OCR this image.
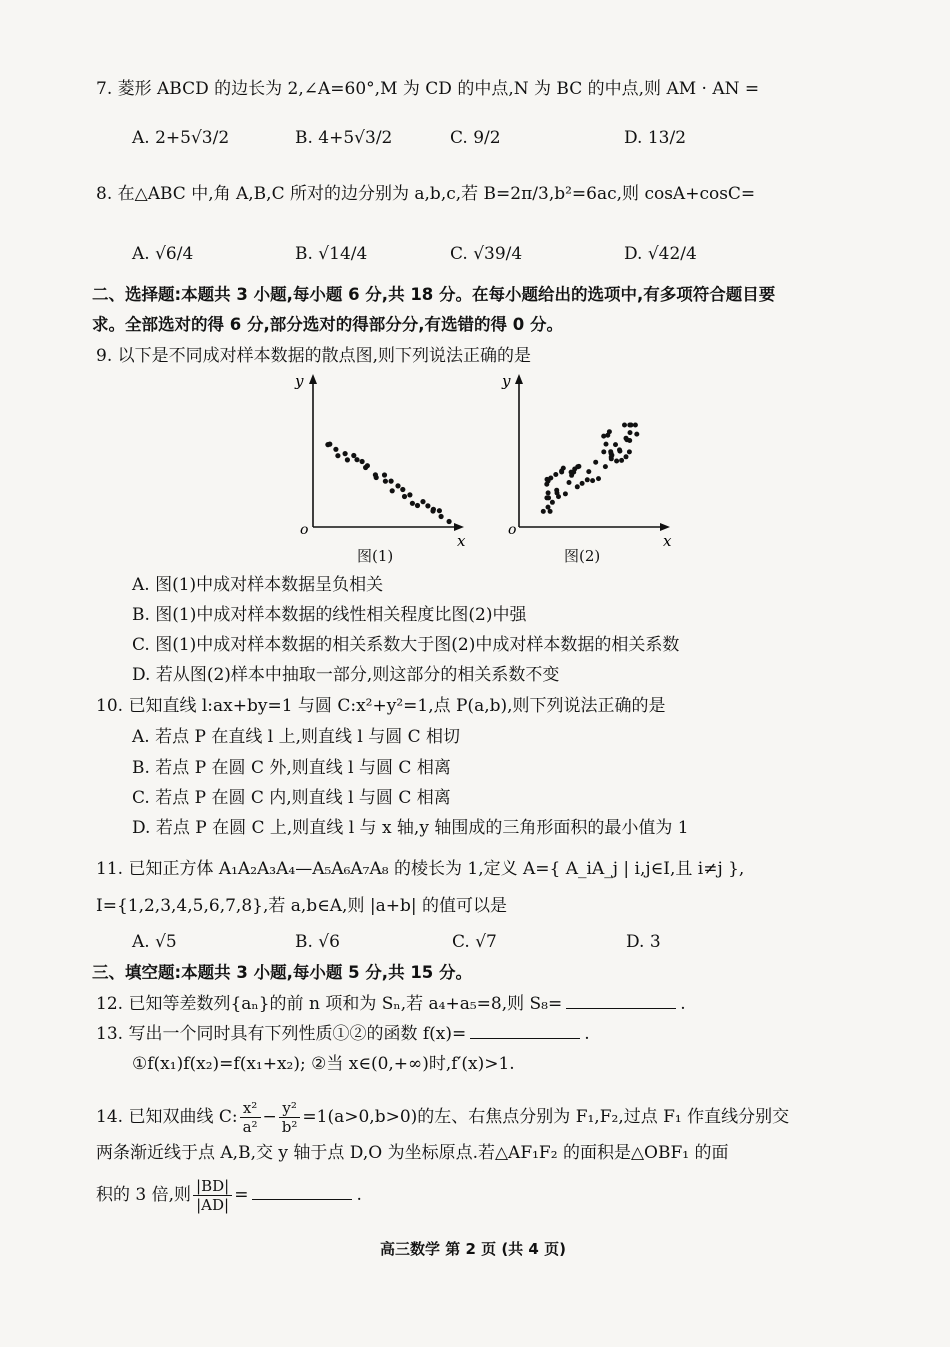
7. 菱形 ABCD 的边长为 2,∠A=60°,M 为 CD 的中点,N 为 BC 的中点,则 AM · AN =
A. 2+5√3/2	B. 4+5√3/2	C. 9/2	D. 13/2
8. 在△ABC 中,角 A,B,C 所对的边分别为 a,b,c,若 B=2π/3,b²=6ac,则 cosA+cosC=
A. √6/4	B. √14/4	C. √39/4	D. √42/4
二、选择题:本题共 3 小题,每小题 6 分,共 18 分。在每小题给出的选项中,有多项符合题目要
求。全部选对的得 6 分,部分选对的得部分分,有选错的得 0 分。
9. 以下是不同成对样本数据的散点图,则下列说法正确的是
y
o
x
图(1)
y
o
x
图(2)
A. 图(1)中成对样本数据呈负相关
B. 图(1)中成对样本数据的线性相关程度比图(2)中强
C. 图(1)中成对样本数据的相关系数大于图(2)中成对样本数据的相关系数
D. 若从图(2)样本中抽取一部分,则这部分的相关系数不变
10. 已知直线 l:ax+by=1 与圆 C:x²+y²=1,点 P(a,b),则下列说法正确的是
A. 若点 P 在直线 l 上,则直线 l 与圆 C 相切
B. 若点 P 在圆 C 外,则直线 l 与圆 C 相离
C. 若点 P 在圆 C 内,则直线 l 与圆 C 相离
D. 若点 P 在圆 C 上,则直线 l 与 x 轴,y 轴围成的三角形面积的最小值为 1
11. 已知正方体 A₁A₂A₃A₄—A₅A₆A₇A₈ 的棱长为 1,定义 A={ A_iA_j | i,j∈I,且 i≠j },
I={1,2,3,4,5,6,7,8},若 a,b∈A,则 |a+b| 的值可以是
A. √5	B. √6	C. √7	D. 3
三、填空题:本题共 3 小题,每小题 5 分,共 15 分。
12. 已知等差数列{aₙ}的前 n 项和为 Sₙ,若 a₄+a₅=8,则 S₈=	.
13. 写出一个同时具有下列性质①②的函数 f(x)=	.
①f(x₁)f(x₂)=f(x₁+x₂); ②当 x∈(0,+∞)时,f′(x)>1.
14. 已知双曲线 C: $\frac{\text{x²}}{\text{a²}} - \frac{\text{y²}}{\text{b²}} =1(a>0,b>0)$的左、右焦点分别为 F₁,F₂,过点 F₁ 作直线分别交
两条渐近线于点 A,B,交 y 轴于点 D,O 为坐标原点.若△AF₁F₂ 的面积是△OBF₁ 的面
积的 3 倍,则 $\frac{|BD|}{|AD|}$ =	.
高三数学 第 2 页 (共 4 页)
